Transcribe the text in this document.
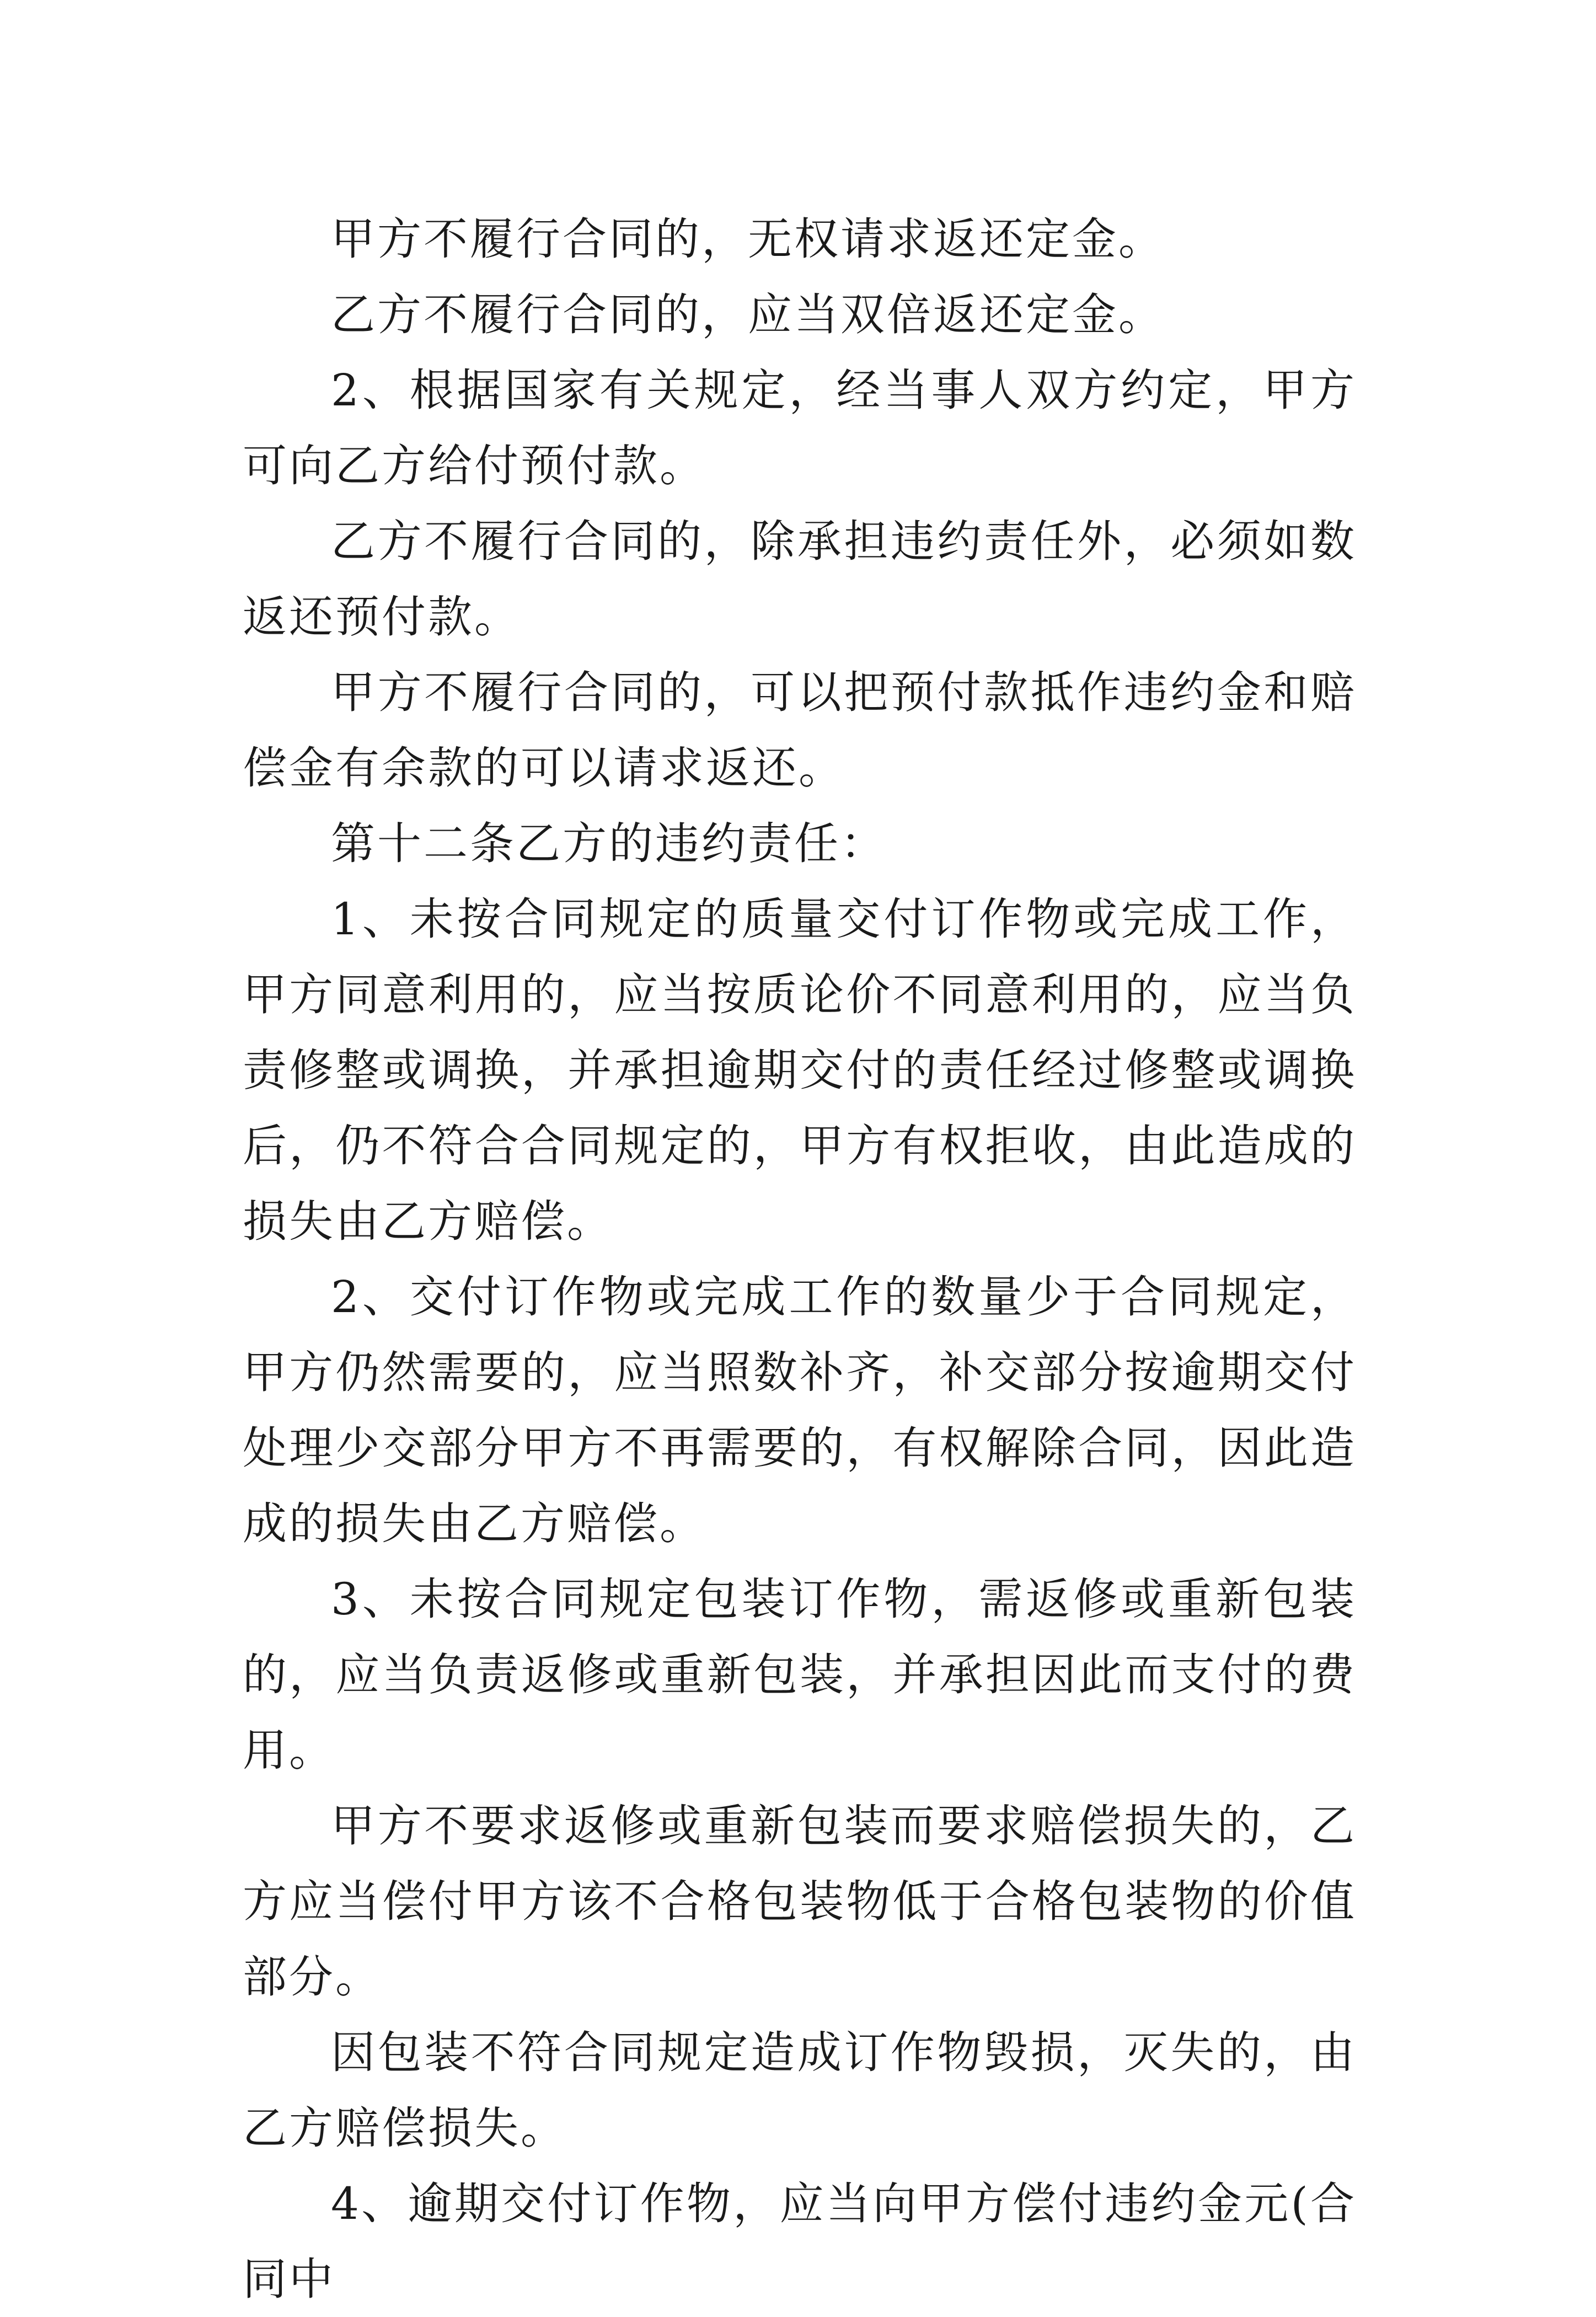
甲方不履行合同的，无权请求返还定金。

乙方不履行合同的，应当双倍返还定金。

2、根据国家有关规定，经当事人双方约定，甲方可向乙方给付预付款。

乙方不履行合同的，除承担违约责任外，必须如数返还预付款。

甲方不履行合同的，可以把预付款抵作违约金和赔偿金有余款的可以请求返还。

第十二条乙方的违约责任：

1、未按合同规定的质量交付订作物或完成工作，甲方同意利用的，应当按质论价不同意利用的，应当负责修整或调换，并承担逾期交付的责任经过修整或调换后，仍不符合合同规定的，甲方有权拒收，由此造成的损失由乙方赔偿。

2、交付订作物或完成工作的数量少于合同规定，甲方仍然需要的，应当照数补齐，补交部分按逾期交付处理少交部分甲方不再需要的，有权解除合同，因此造成的损失由乙方赔偿。

3、未按合同规定包装订作物，需返修或重新包装的，应当负责返修或重新包装，并承担因此而支付的费用。

甲方不要求返修或重新包装而要求赔偿损失的，乙方应当偿付甲方该不合格包装物低于合格包装物的价值部分。

因包装不符合同规定造成订作物毁损，灭失的，由乙方赔偿损失。

4、逾期交付订作物，应当向甲方偿付违约金元(合同中
